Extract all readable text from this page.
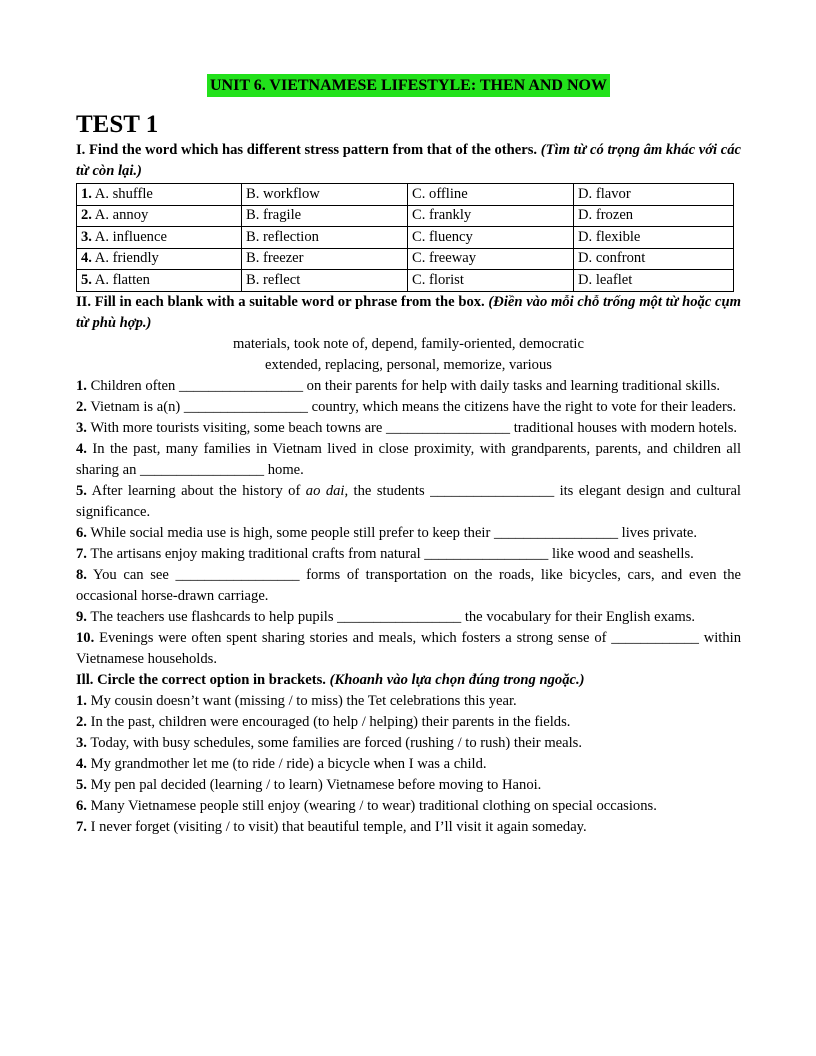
UNIT 6. VIETNAMESE LIFESTYLE: THEN AND NOW
TEST 1
I. Find the word which has different stress pattern from that of the others. (Tìm từ có trọng âm khác với các từ còn lại.)
1. A. shuffle	B. workflow	C. offline	D. flavor
2. A. annoy	B. fragile	C. frankly	D. frozen
3. A. influence	B. reflection	C. fluency	D. flexible
4. A. friendly	B. freezer	C. freeway	D. confront
5. A. flatten	B. reflect	C. florist	D. leaflet
II. Fill in each blank with a suitable word or phrase from the box. (Điền vào mỗi chỗ trống một từ hoặc cụm từ phù hợp.)
materials, took note of, depend, family-oriented, democratic
extended, replacing, personal, memorize, various
1. Children often _________________ on their parents for help with daily tasks and learning traditional skills.
2. Vietnam is a(n) _________________ country, which means the citizens have the right to vote for their leaders.
3. With more tourists visiting, some beach towns are _________________ traditional houses with modern hotels.
4. In the past, many families in Vietnam lived in close proximity, with grandparents, parents, and children all sharing an _________________ home.
5. After learning about the history of ao dai, the students _________________ its elegant design and cultural significance.
6. While social media use is high, some people still prefer to keep their _________________ lives private.
7. The artisans enjoy making traditional crafts from natural _________________ like wood and seashells.
8. You can see _________________ forms of transportation on the roads, like bicycles, cars, and even the occasional horse-drawn carriage.
9. The teachers use flashcards to help pupils _________________ the vocabulary for their English exams.
10. Evenings were often spent sharing stories and meals, which fosters a strong sense of ____________ within Vietnamese households.
Ill. Circle the correct option in brackets. (Khoanh vào lựa chọn đúng trong ngoặc.)
1. My cousin doesn’t want (missing / to miss) the Tet celebrations this year.
2. In the past, children were encouraged (to help / helping) their parents in the fields.
3. Today, with busy schedules, some families are forced (rushing / to rush) their meals.
4. My grandmother let me (to ride / ride) a bicycle when I was a child.
5. My pen pal decided (learning / to learn) Vietnamese before moving to Hanoi.
6. Many Vietnamese people still enjoy (wearing / to wear) traditional clothing on special occasions.
7. I never forget (visiting / to visit) that beautiful temple, and I’ll visit it again someday.
